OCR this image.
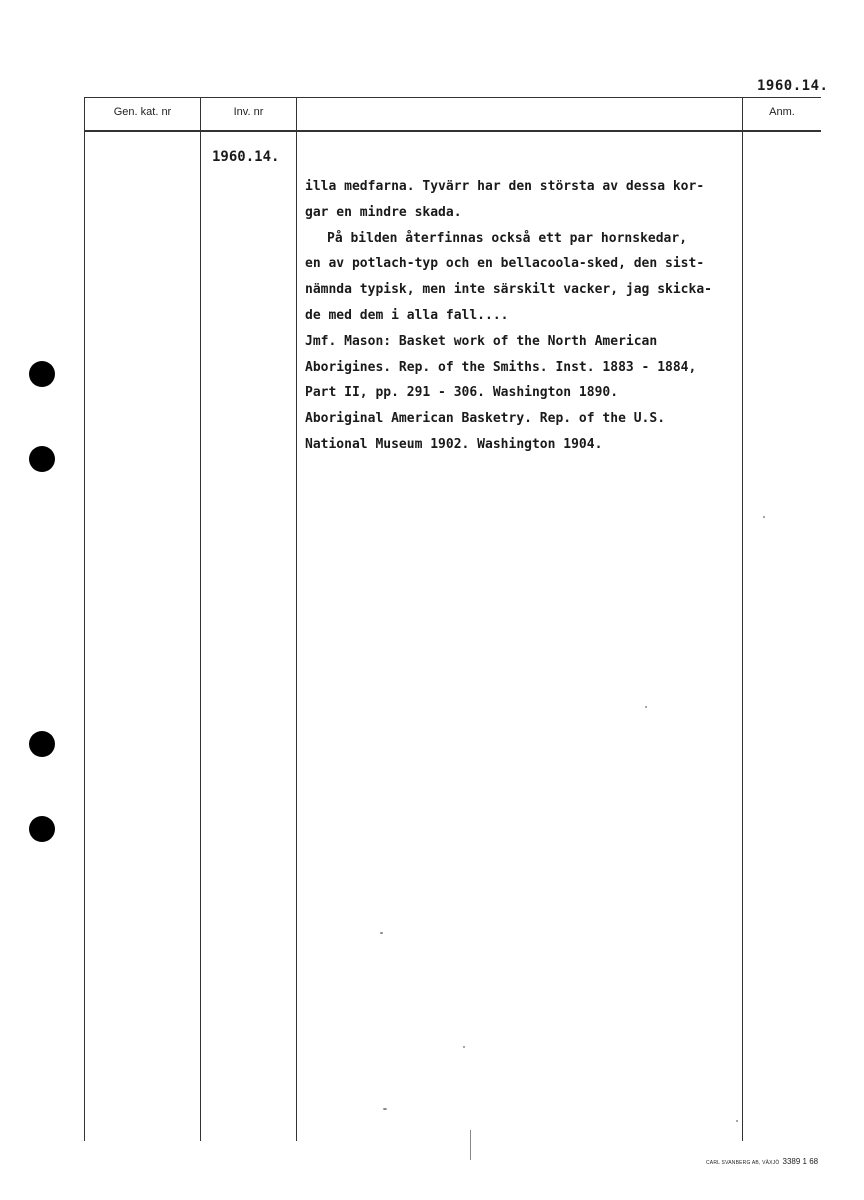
1960.14.
Gen. kat. nr	Inv. nr	Anm.
1960.14.
illa medfarna. Tyvärr har den största av dessa kor-
gar en mindre skada.
På bilden återfinnas också ett par hornskedar,
en av potlach-typ och en bellacoola-sked, den sist-
nämnda typisk, men inte särskilt vacker, jag skicka-
de med dem i alla fall....
Jmf. Mason: Basket work of the North American
Aborigines. Rep. of the Smiths. Inst. 1883 - 1884,
Part II, pp. 291 - 306. Washington 1890.
Aboriginal American Basketry. Rep. of the U.S.
National Museum 1902. Washington 1904.
CARL SVANBERG AB, VÄXJÖ 3389 1 68
